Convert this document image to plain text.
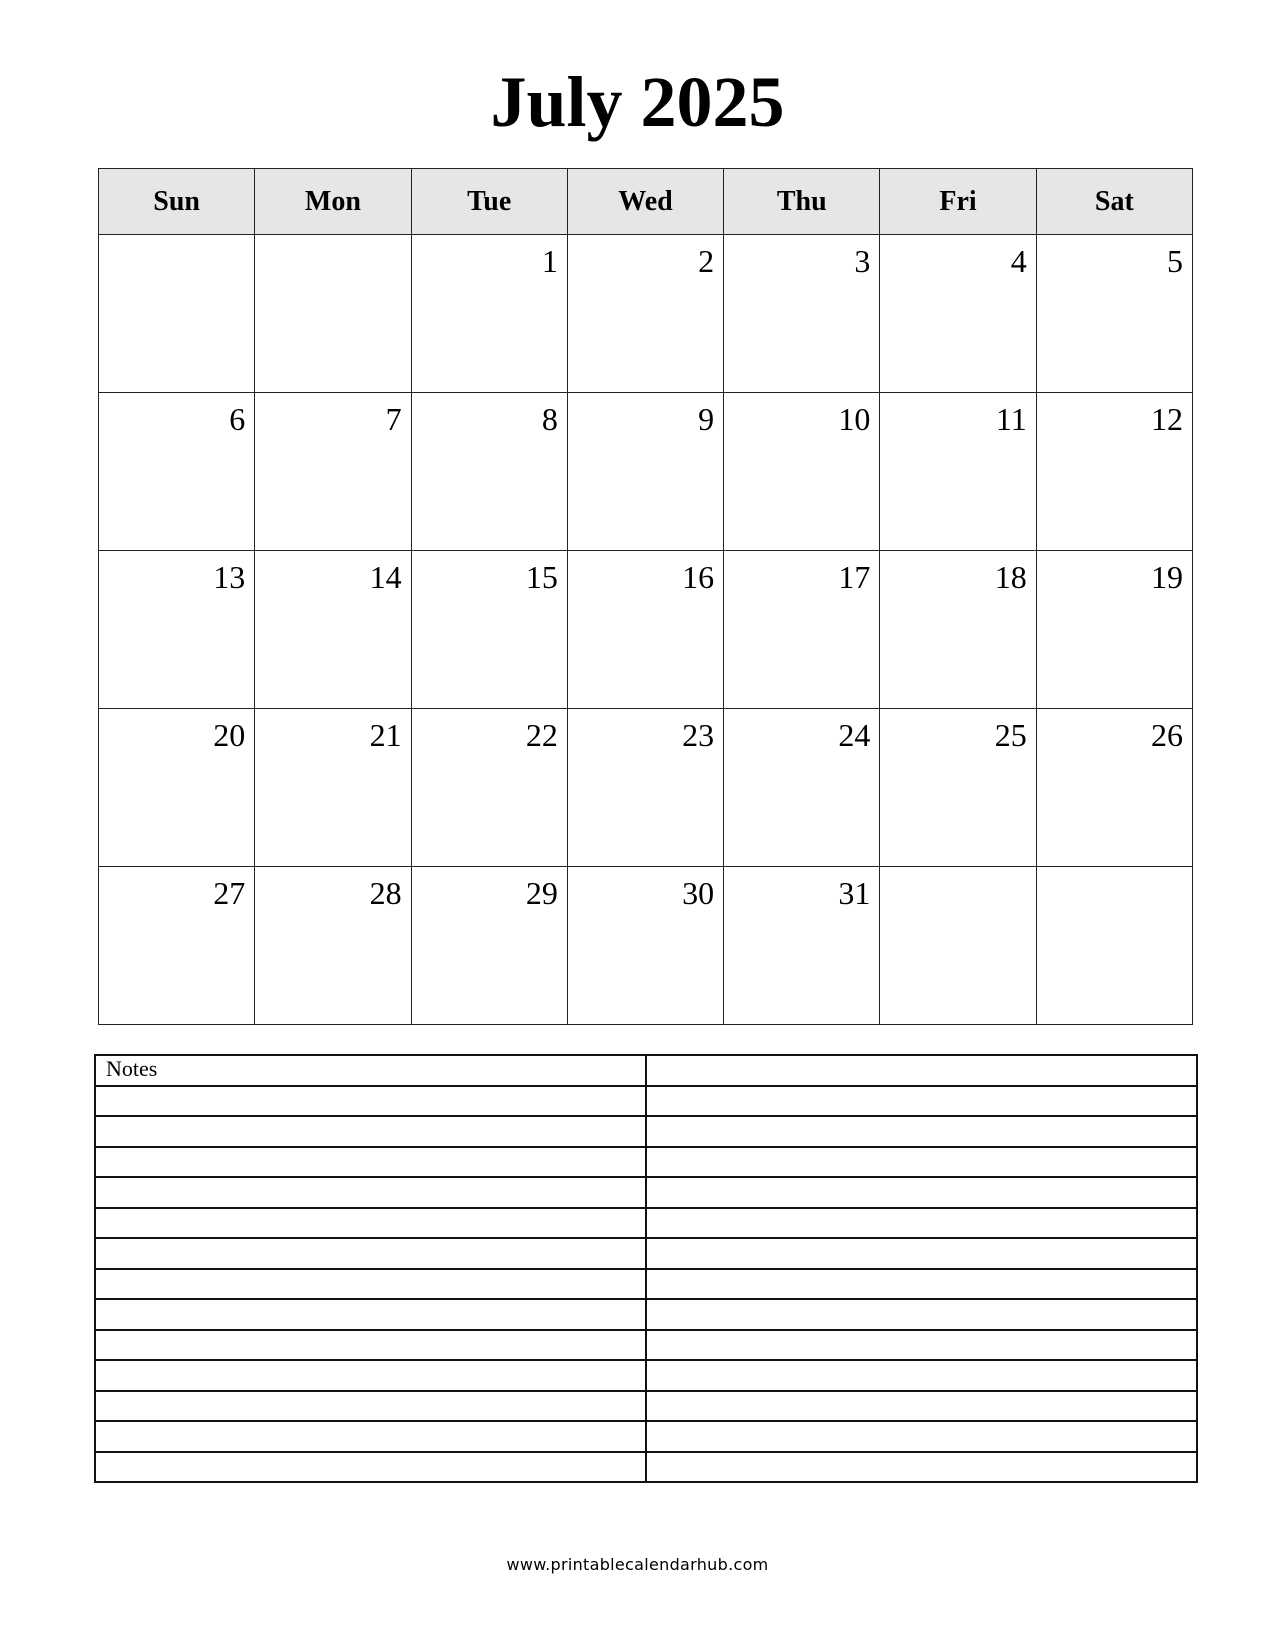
July 2025
Sun	Mon	Tue	Wed	Thu	Fri	Sat
		1	2	3	4	5
6	7	8	9	10	11	12
13	14	15	16	17	18	19
20	21	22	23	24	25	26
27	28	29	30	31		
Notes	

www.printablecalendarhub.com
